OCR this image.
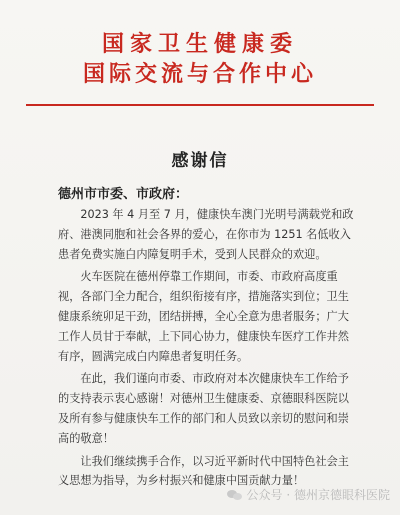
国家卫生健康委
国际交流与合作中心
感谢信
德州市市委、市政府：

2023 年 4 月至 7 月，健康快车澳门光明号满载党和政府、港澳同胞和社会各界的爱心，在你市为 1251 名低收入患者免费实施白内障复明手术，受到人民群众的欢迎。

火车医院在德州停靠工作期间，市委、市政府高度重视，各部门全力配合，组织衔接有序，措施落实到位；卫生健康系统卯足干劲，团结拼搏，全心全意为患者服务；广大工作人员甘于奉献，上下同心协力，健康快车医疗工作井然有序，圆满完成白内障患者复明任务。

在此，我们谨向市委、市政府对本次健康快车工作给予的支持表示衷心感谢！对德州卫生健康委、京德眼科医院以及所有参与健康快车工作的部门和人员致以亲切的慰问和崇高的敬意！

让我们继续携手合作，以习近平新时代中国特色社会主义思想为指导，为乡村振兴和健康中国贡献力量！

公众号 · 德州京德眼科医院
